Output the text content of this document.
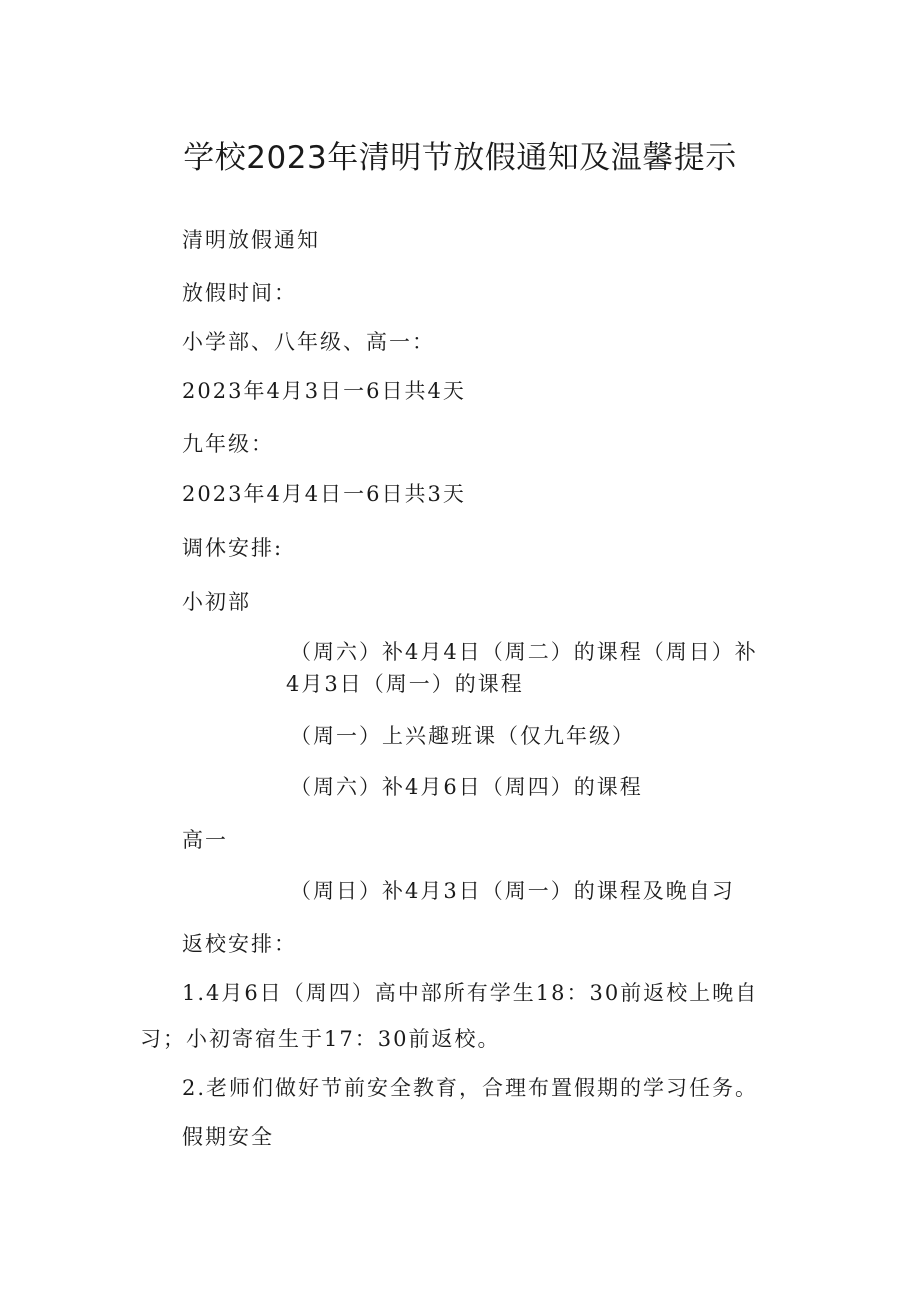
学校2023年清明节放假通知及温馨提示

清明放假通知

放假时间：

小学部、八年级、高一：

2023年4月3日一6日共4天

九年级：

2023年4月4日一6日共3天

调休安排:

小初部

（周六）补4月4日（周二）的课程（周日）补

4月3日（周一）的课程

（周一）上兴趣班课（仅九年级）

（周六）补4月6日（周四）的课程

高一

（周日）补4月3日（周一）的课程及晚自习

返校安排：

1.4月6日（周四）高中部所有学生18：30前返校上晚自

习；小初寄宿生于17：30前返校。

2.老师们做好节前安全教育，合理布置假期的学习任务。

假期安全
